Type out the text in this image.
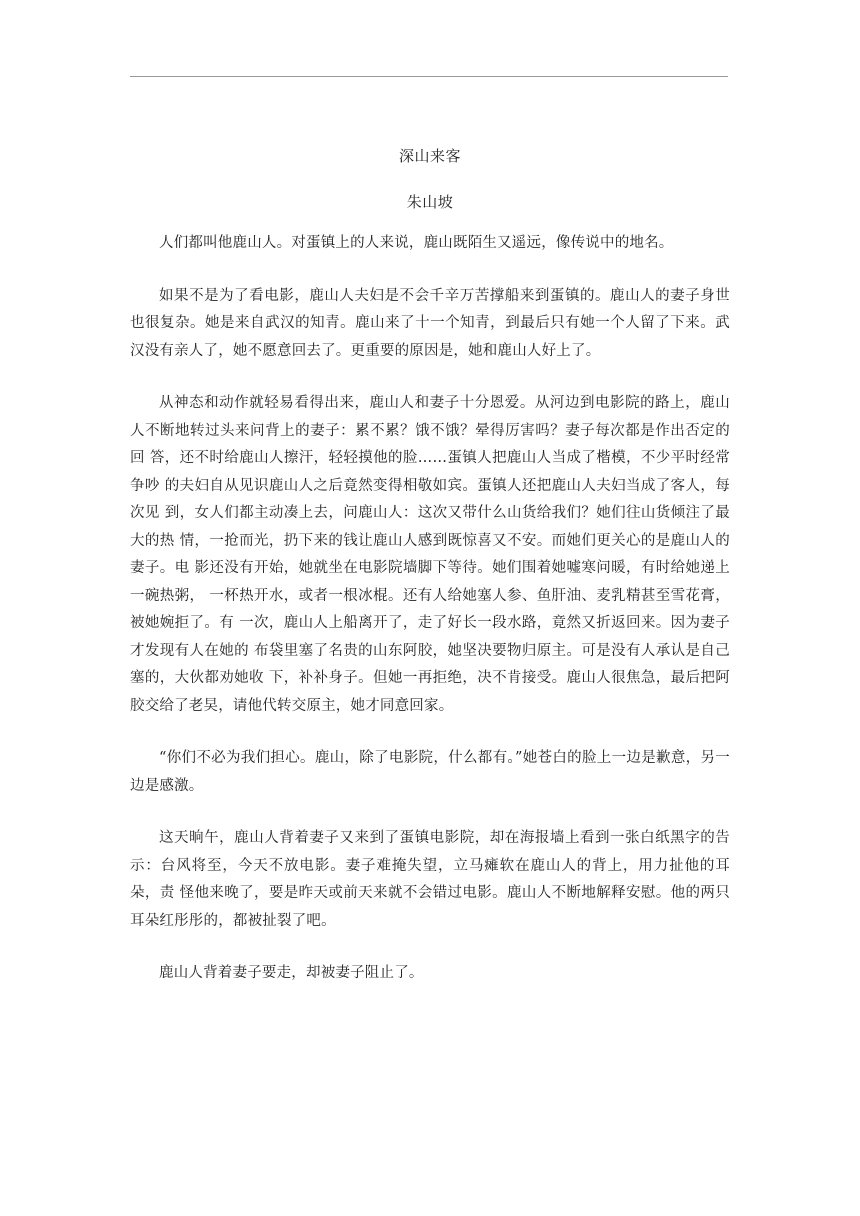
深山来客
朱山坡

人们都叫他鹿山人。对蛋镇上的人来说，鹿山既陌生又遥远，像传说中的地名。

如果不是为了看电影，鹿山人夫妇是不会千辛万苦撑船来到蛋镇的。鹿山人的妻子身世也很复杂。她是来自武汉的知青。鹿山来了十一个知青，到最后只有她一个人留了下来。武汉没有亲人了，她不愿意回去了。更重要的原因是，她和鹿山人好上了。

从神态和动作就轻易看得出来，鹿山人和妻子十分恩爱。从河边到电影院的路上，鹿山人不断地转过头来问背上的妻子：累不累？饿不饿？晕得厉害吗？妻子每次都是作出否定的回 答，还不时给鹿山人擦汗，轻轻摸他的脸……蛋镇人把鹿山人当成了楷模，不少平时经常争吵 的夫妇自从见识鹿山人之后竟然变得相敬如宾。蛋镇人还把鹿山人夫妇当成了客人，每次见 到，女人们都主动凑上去，问鹿山人：这次又带什么山货给我们？她们往山货倾注了最大的热 情，一抢而光，扔下来的钱让鹿山人感到既惊喜又不安。而她们更关心的是鹿山人的妻子。电 影还没有开始，她就坐在电影院墙脚下等待。她们围着她嘘寒问暖，有时给她递上一碗热粥， 一杯热开水，或者一根冰棍。还有人给她塞人参、鱼肝油、麦乳精甚至雪花膏，被她婉拒了。有 一次，鹿山人上船离开了，走了好长一段水路，竟然又折返回来。因为妻子才发现有人在她的 布袋里塞了名贵的山东阿胶，她坚决要物归原主。可是没有人承认是自己塞的，大伙都劝她收 下，补补身子。但她一再拒绝，决不肯接受。鹿山人很焦急，最后把阿胶交给了老旲，请他代转交原主，她才同意回家。

“你们不必为我们担心。鹿山，除了电影院，什么都有。”她苍白的脸上一边是歉意，另一边是感激。

这天晌午，鹿山人背着妻子又来到了蛋镇电影院，却在海报墙上看到一张白纸黑字的告示：台风将至，今天不放电影。妻子难掩失望，立马瘫软在鹿山人的背上，用力扯他的耳朵，责 怪他来晚了，要是昨天或前天来就不会错过电影。鹿山人不断地解释安慰。他的两只耳朵红彤彤的，都被扯裂了吧。

鹿山人背着妻子要走，却被妻子阻止了。
